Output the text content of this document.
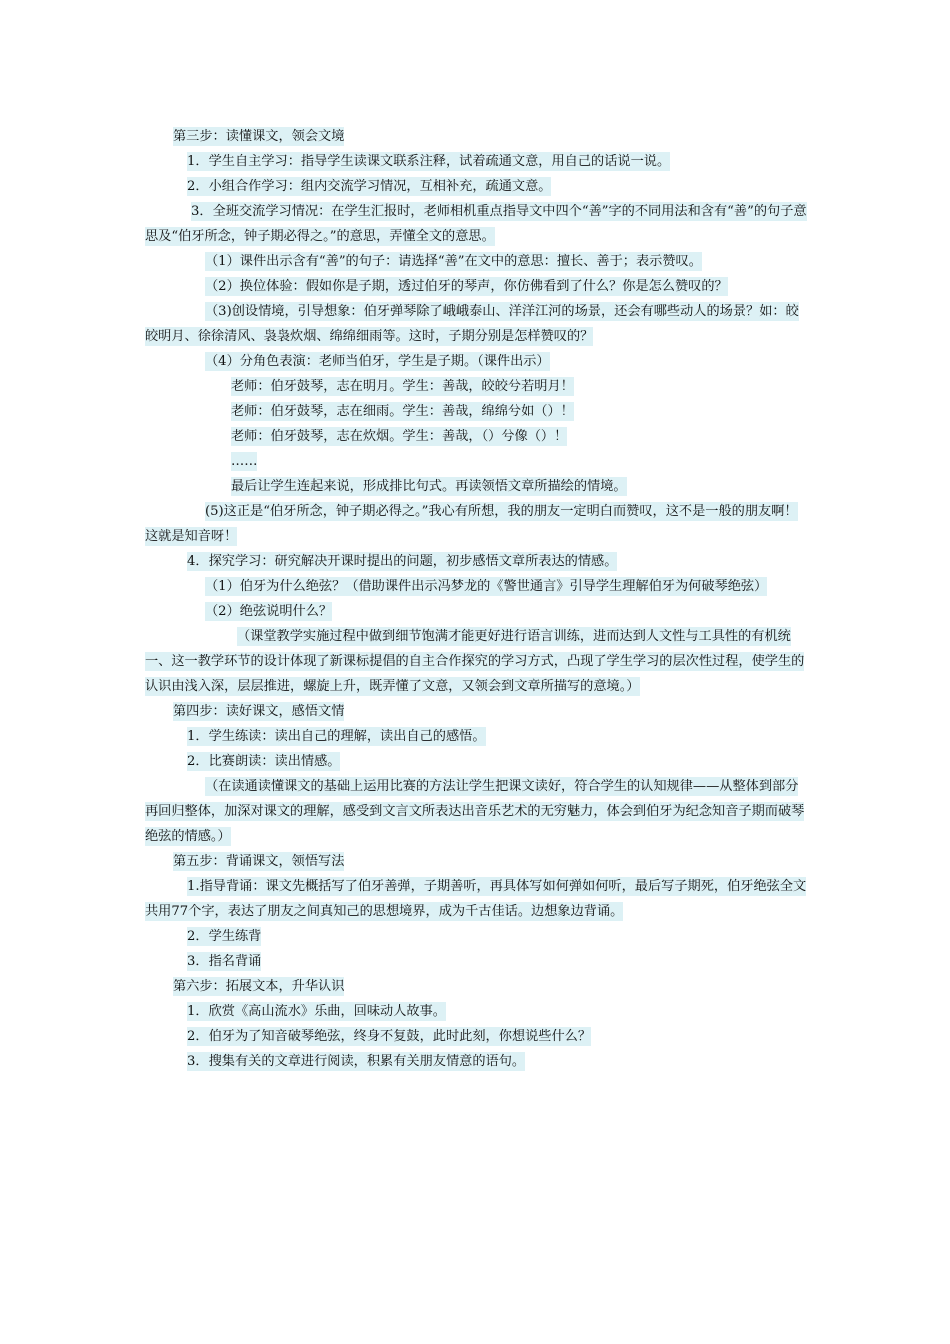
第三步：读懂课文，领会文境

1．学生自主学习：指导学生读课文联系注释，试着疏通文意，用自己的话说一说。

2．小组合作学习：组内交流学习情况，互相补充，疏通文意。

3．全班交流学习情况：在学生汇报时，老师相机重点指导文中四个“善”字的不同用法和含有“善”的句子意思及“伯牙所念，钟子期必得之。”的意思，弄懂全文的意思。

（1）课件出示含有“善”的句子：请选择“善”在文中的意思：擅长、善于；表示赞叹。

（2）换位体验：假如你是子期，透过伯牙的琴声，你仿佛看到了什么？你是怎么赞叹的？

（3)创设情境，引导想象：伯牙弹琴除了峨峨泰山、洋洋江河的场景，还会有哪些动人的场景？如：皎皎明月、徐徐清风、袅袅炊烟、绵绵细雨等。这时，子期分别是怎样赞叹的？

（4）分角色表演：老师当伯牙，学生是子期。（课件出示）

老师：伯牙鼓琴，志在明月。学生：善哉，皎皎兮若明月！

老师：伯牙鼓琴，志在细雨。学生：善哉，绵绵兮如（）！

老师：伯牙鼓琴，志在炊烟。学生：善哉，（）兮像（）！

……

最后让学生连起来说，形成排比句式。再读领悟文章所描绘的情境。

(5)这正是“伯牙所念，钟子期必得之。”我心有所想，我的朋友一定明白而赞叹，这不是一般的朋友啊！这就是知音呀！

4．探究学习：研究解决开课时提出的问题，初步感悟文章所表达的情感。

（1）伯牙为什么绝弦？（借助课件出示冯梦龙的《警世通言》引导学生理解伯牙为何破琴绝弦）

（2）绝弦说明什么？

（课堂教学实施过程中做到细节饱满才能更好进行语言训练，进而达到人文性与工具性的有机统一、这一教学环节的设计体现了新课标提倡的自主合作探究的学习方式，凸现了学生学习的层次性过程，使学生的认识由浅入深，层层推进，螺旋上升，既弄懂了文意，又领会到文章所描写的意境。）

第四步：读好课文，感悟文情

1．学生练读：读出自己的理解，读出自己的感悟。

2．比赛朗读：读出情感。

（在读通读懂课文的基础上运用比赛的方法让学生把课文读好，符合学生的认知规律——从整体到部分再回归整体，加深对课文的理解，感受到文言文所表达出音乐艺术的无穷魅力，体会到伯牙为纪念知音子期而破琴绝弦的情感。）

第五步：背诵课文，领悟写法

1.指导背诵：课文先概括写了伯牙善弹，子期善听，再具体写如何弹如何听，最后写子期死，伯牙绝弦全文共用77个字，表达了朋友之间真知己的思想境界，成为千古佳话。边想象边背诵。

2．学生练背

3．指名背诵

第六步：拓展文本，升华认识

1．欣赏《高山流水》乐曲，回味动人故事。

2．伯牙为了知音破琴绝弦，终身不复鼓，此时此刻，你想说些什么？

3．搜集有关的文章进行阅读，积累有关朋友情意的语句。
